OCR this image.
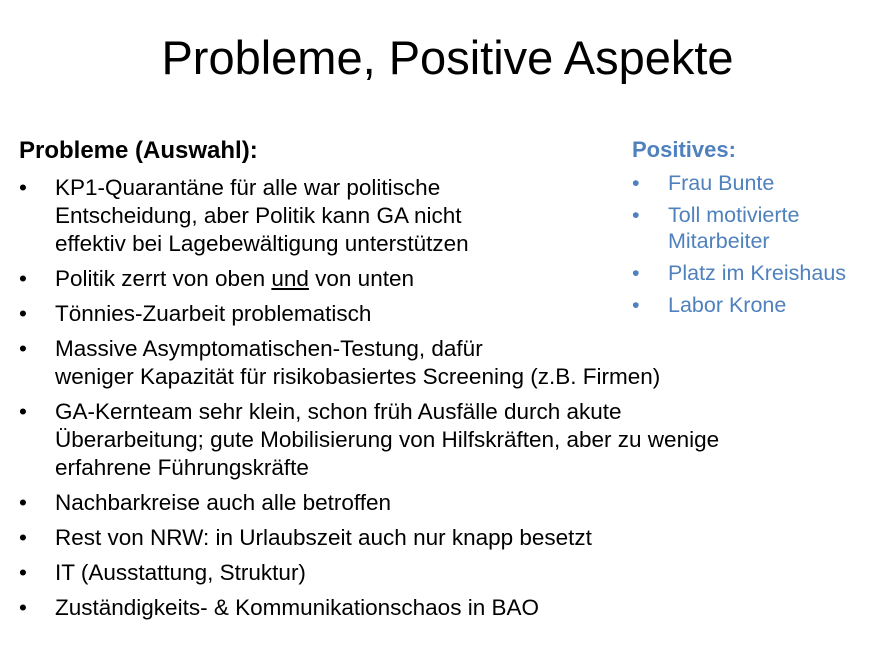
Probleme, Positive Aspekte
Probleme (Auswahl):
•	KP1-Quarantäne für alle war politische
Entscheidung, aber Politik kann GA nicht
effektiv bei Lagebewältigung unterstützen
•	Politik zerrt von oben und von unten
•	Tönnies-Zuarbeit problematisch
•	Massive Asymptomatischen-Testung, dafür
weniger Kapazität für risikobasiertes Screening (z.B. Firmen)
•	GA-Kernteam sehr klein, schon früh Ausfälle durch akute
Überarbeitung; gute Mobilisierung von Hilfskräften, aber zu wenige
erfahrene Führungskräfte
•	Nachbarkreise auch alle betroffen
•	Rest von NRW: in Urlaubszeit auch nur knapp besetzt
•	IT (Ausstattung, Struktur)
•	Zuständigkeits- & Kommunikationschaos in BAO
Positives:
•	Frau Bunte
•	Toll motivierte
Mitarbeiter
•	Platz im Kreishaus
•	Labor Krone
